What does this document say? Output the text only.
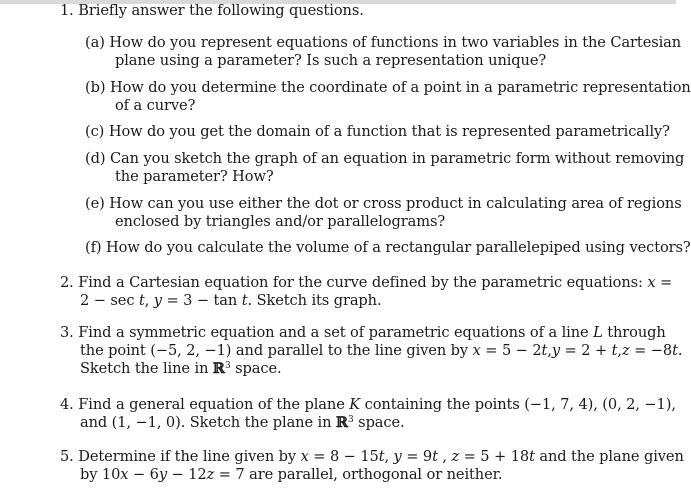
1. Briefly answer the following questions.
(a) How do you represent equations of functions in two variables in the Cartesian
plane using a parameter? Is such a representation unique?
(b) How do you determine the coordinate of a point in a parametric representation
of a curve?
(c) How do you get the domain of a function that is represented parametrically?
(d) Can you sketch the graph of an equation in parametric form without removing
the parameter? How?
(e) How can you use either the dot or cross product in calculating area of regions
enclosed by triangles and/or parallelograms?
(f) How do you calculate the volume of a rectangular parallelepiped using vectors?
2. Find a Cartesian equation for the curve defined by the parametric equations: x =
2 − sec t, y = 3 − tan t. Sketch its graph.
3. Find a symmetric equation and a set of parametric equations of a line L through
the point (−5, 2, −1) and parallel to the line given by x = 5 − 2t,y = 2 + t,z = −8t.
Sketch the line in ℝ$^3$ space.
4. Find a general equation of the plane K containing the points (−1, 7, 4), (0, 2, −1),
and (1, −1, 0). Sketch the plane in ℝ$^3$ space.
5. Determine if the line given by x = 8 − 15t, y = 9t , z = 5 + 18t and the plane given
by 10x − 6y − 12z = 7 are parallel, orthogonal or neither.
